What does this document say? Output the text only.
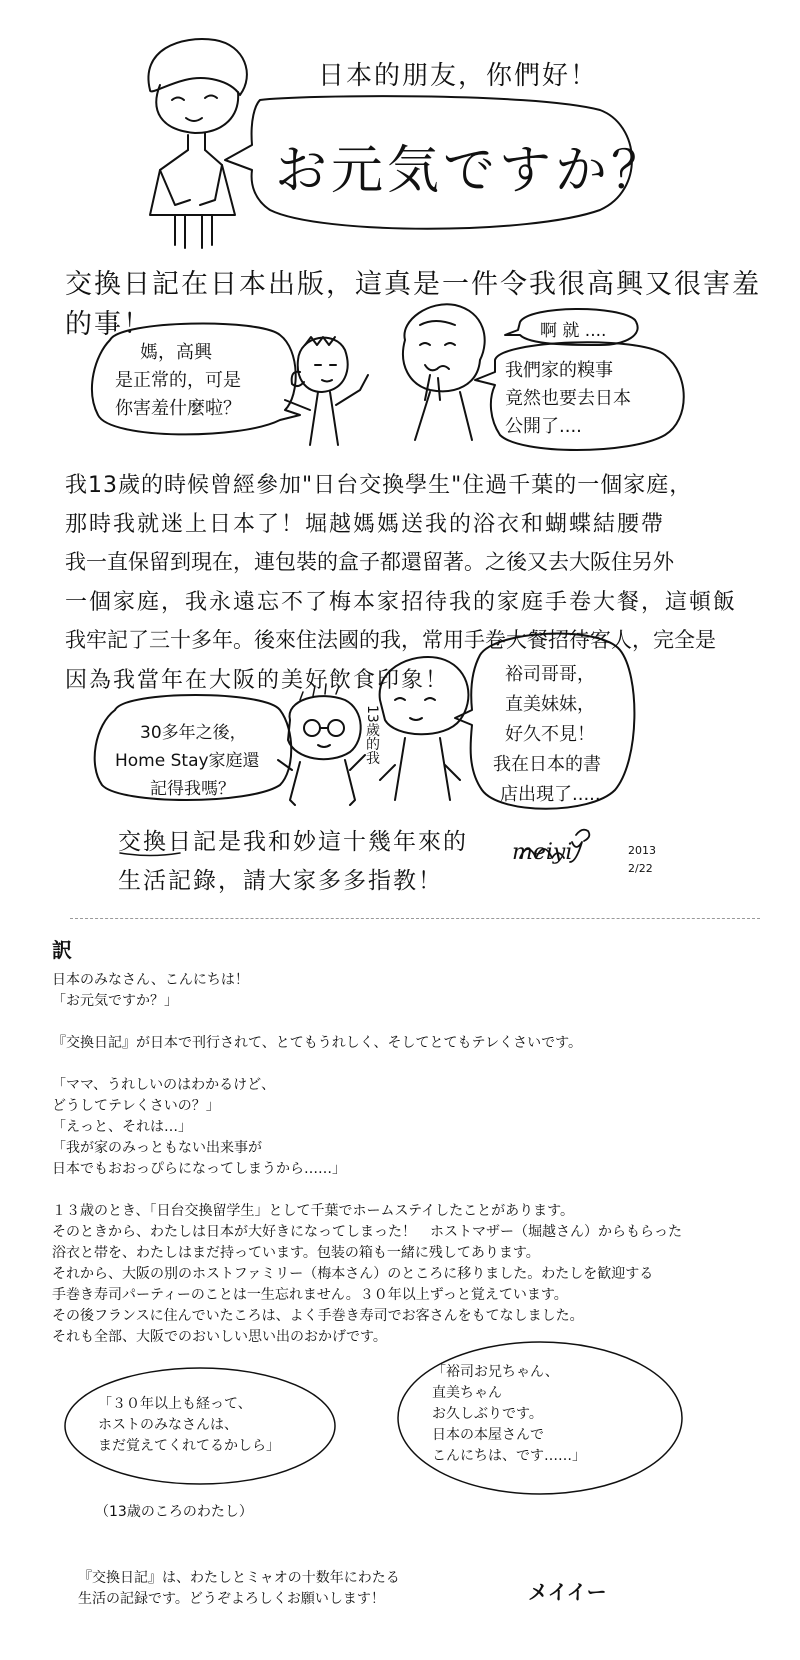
日本的朋友，你們好！
お元気ですか？
交換日記在日本出版，這真是一件令我很高興又很害羞
的事！
媽，高興
是正常的，可是
你害羞什麼啦？
啊 就 ....
我們家的糗事
竟然也要去日本
公開了....
我13歲的時候曾經參加"日台交換學生"住過千葉的一個家庭，
那時我就迷上日本了！堀越媽媽送我的浴衣和蝴蝶結腰帶
我一直保留到現在，連包裝的盒子都還留著。之後又去大阪住另外
一個家庭，我永遠忘不了梅本家招待我的家庭手卷大餐，這頓飯
我牢記了三十多年。後來住法國的我，常用手卷大餐招待客人，完全是
因為我當年在大阪的美好飲食印象！
30多年之後，
Home Stay家庭還
記得我嗎？
13歲的我
裕司哥哥，
直美妹妹，
好久不見！
我在日本的書
店出現了.....
交換日記是我和妙這十幾年來的
生活記錄，請大家多多指教！
meiyi	2013
2/22
訳
日本のみなさん、こんにちは！
「お元気ですか？」
『交換日記』が日本で刊行されて、とてもうれしく、そしてとてもテレくさいです。
「ママ、うれしいのはわかるけど、
どうしてテレくさいの？」
「えっと、それは…」
「我が家のみっともない出来事が
日本でもおおっぴらになってしまうから……」
１３歳のとき、「日台交換留学生」として千葉でホームステイしたことがあります。
そのときから、わたしは日本が大好きになってしまった！　ホストマザー（堀越さん）からもらった
浴衣と帯を、わたしはまだ持っています。包装の箱も一緒に残してあります。
それから、大阪の別のホストファミリー（梅本さん）のところに移りました。わたしを歓迎する
手巻き寿司パーティーのことは一生忘れません。３０年以上ずっと覚えています。
その後フランスに住んでいたころは、よく手巻き寿司でお客さんをもてなしました。
それも全部、大阪でのおいしい思い出のおかげです。
「３０年以上も経って、
ホストのみなさんは、
まだ覚えてくれてるかしら」
「裕司お兄ちゃん、
直美ちゃん
お久しぶりです。
日本の本屋さんで
こんにちは、です……」
（13歳のころのわたし）
『交換日記』は、わたしとミャオの十数年にわたる
生活の記録です。どうぞよろしくお願いします！	メイイー
